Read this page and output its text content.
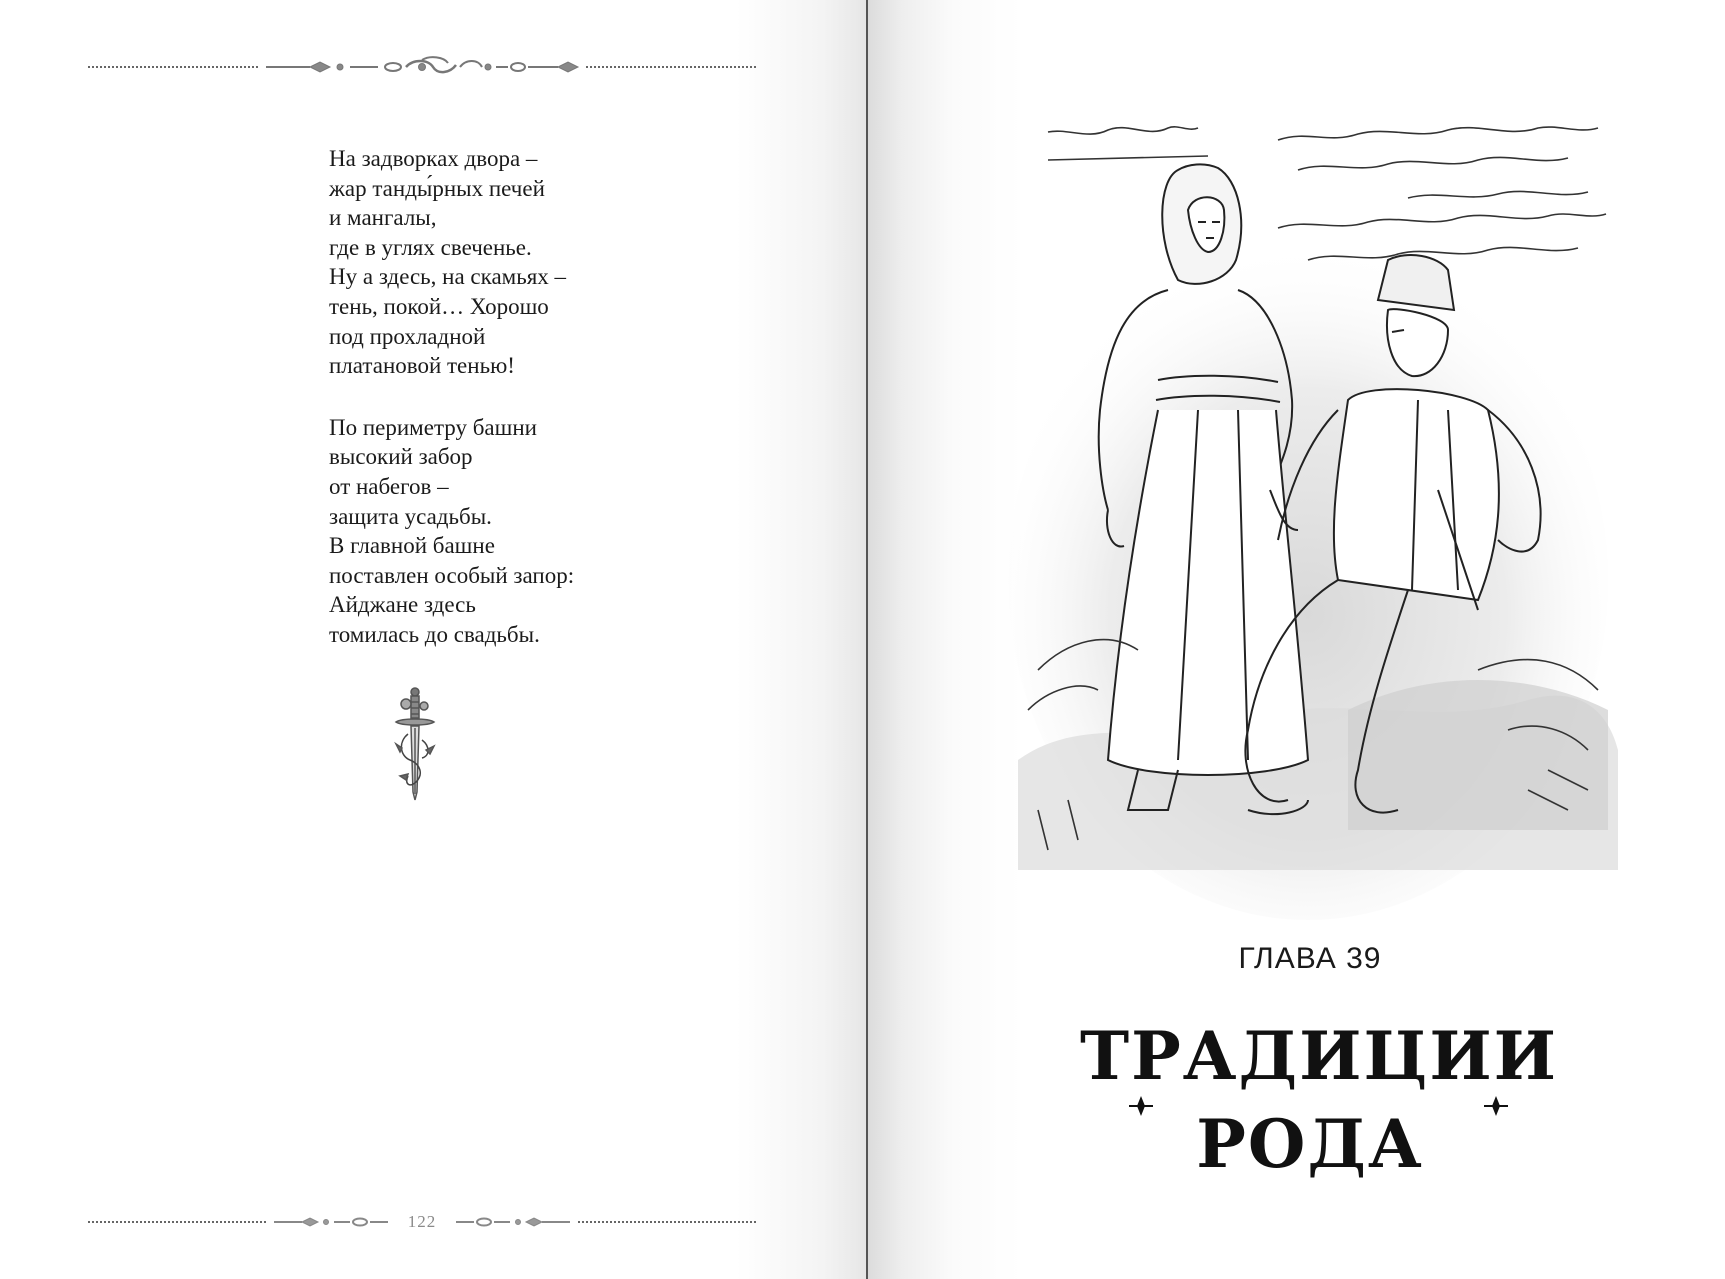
На задворках двора –
жар танды́рных печей
и мангалы,
где в углях свеченье.
Ну а здесь, на скамьях –
тень, покой… Хорошо
под прохладной
платановой тенью!
По периметру башни
высокий забор
от набегов –
защита усадьбы.
В главной башне
поставлен особый запор:
Айджане здесь
томилась до свадьбы.
122
ГЛАВА 39
ТРАДИЦИИ
РОДА
